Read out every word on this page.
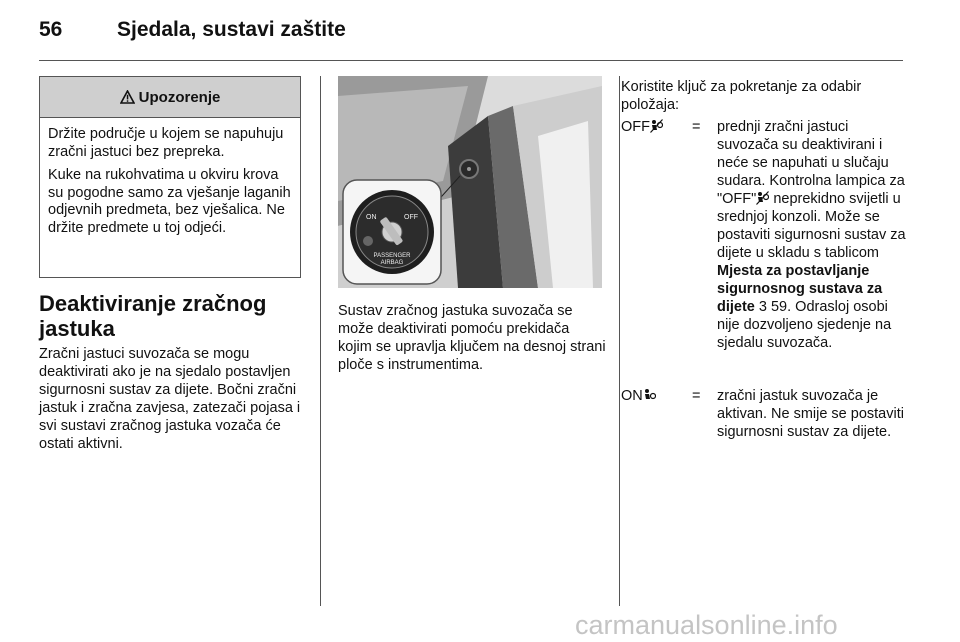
56	Sjedala, sustavi zaštite
Upozorenje

Držite područje u kojem se napuhuju zračni jastuci bez prepreka.

Kuke na rukohvatima u okviru krova su pogodne samo za vješanje laganih odjevnih predmeta, bez vješalica. Ne držite predmete u toj odjeći.

Deaktiviranje zračnog jastuka
Zračni jastuci suvozača se mogu deaktivirati ako je na sjedalo postavljen sigurnosni sustav za dijete. Bočni zračni jastuk i zračna zavjesa, zatezači pojasa i svi sustavi zračnog jastuka vozača će ostati aktivni.
ON	OFF
PASSENGER
AIRBAG
Sustav zračnog jastuka suvozača se može deaktivirati pomoću prekidača kojim se upravlja ključem na desnoj strani ploče s instrumentima.
Koristite ključ za pokretanje za odabir položaja:
OFF	= prednji zračni jastuci suvozača su deaktivirani i neće se napuhati u slučaju sudara. Kontrolna lampica za "OFF" neprekidno svijetli u srednjoj konzoli. Može se postaviti sigurnosni sustav za dijete u skladu s tablicom Mjesta za postavljanje sigurnosnog sustava za dijete 3 59. Odrasloj osobi nije dozvoljeno sjedenje na sjedalu suvozača.
ON	= zračni jastuk suvozača je aktivan. Ne smije se postaviti sigurnosni sustav za dijete.
carmanualsonline.info
